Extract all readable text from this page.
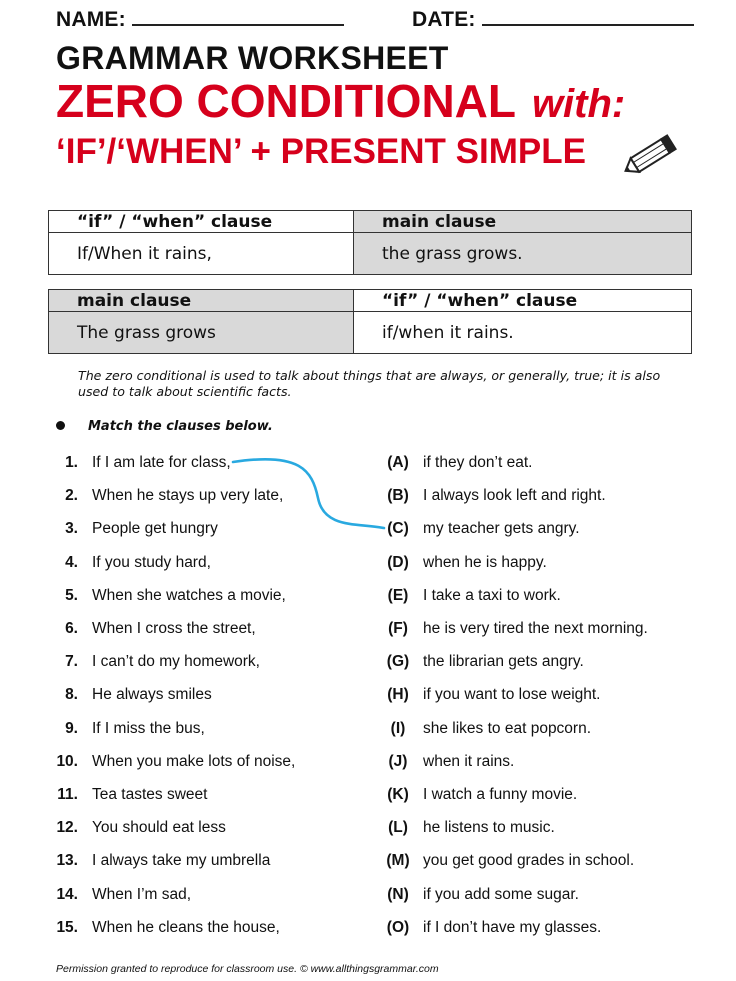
NAME:	DATE:
GRAMMAR WORKSHEET
ZERO CONDITIONAL with:
‘IF’/‘WHEN’ + PRESENT SIMPLE
“if” / “when” clause	main clause
If/When it rains,	the grass grows.
main clause	“if” / “when” clause
The grass grows	if/when it rains.
The zero conditional is used to talk about things that are always, or generally, true; it is also used to talk about scientific facts.
Match the clauses below.
1. If I am late for class,	(A) if they don’t eat.
2. When he stays up very late,	(B) I always look left and right.
3. People get hungry	(C) my teacher gets angry.
4. If you study hard,	(D) when he is happy.
5. When she watches a movie,	(E) I take a taxi to work.
6. When I cross the street,	(F) he is very tired the next morning.
7. I can’t do my homework,	(G) the librarian gets angry.
8. He always smiles	(H) if you want to lose weight.
9. If I miss the bus,	(I)	she likes to eat popcorn.
10. When you make lots of noise,	(J) when it rains.
11. Tea tastes sweet	(K) I watch a funny movie.
12. You should eat less	(L) he listens to music.
13. I always take my umbrella	(M) you get good grades in school.
14. When I’m sad,	(N) if you add some sugar.
15. When he cleans the house,	(O) if I don’t have my glasses.
Permission granted to reproduce for classroom use. © www.allthingsgrammar.com
